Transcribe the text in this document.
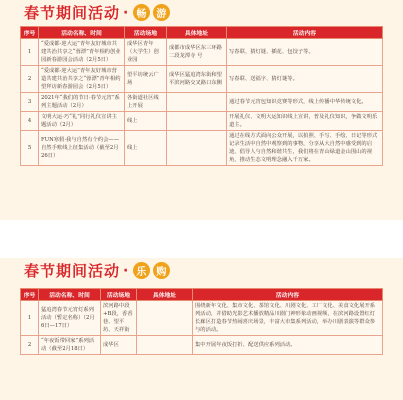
春节期间活动 · 畅 游
序号	活动名称、时间	活动场地	具体地址	活动内容
1	“爱成都·迎大运”青年友好城市共建共治共享之“蓉漂”青年相约创业园新春游园会活动（2月5日）	成华区青年（大学生）创业园	成都市成华区东三环路二段龙潭寺 号	写春联、猜灯谜、插花、包饺子等。
2	“爱成都·迎大运”青年友好城市营造共建共治共享之“蓉漂”青年相约望拜访新春游园会（2月5日）	望平坊统云广场	成华区猛追湾东街和望平滨河路交叉路口东侧	写春联、送福字、猜灯谜等。
3	2021年“我们的节日·春节元宵”系列主题活动（2月）	各街道社区线上开展		通过春节元宵包知识竞赛等形式，线上传播中华传统文化。
4	文明大运·巧“礼”同行礼仪宣讲主题活动（2月）	线上		开展礼仪、文明大运知识线上宣讲，普及礼仪知识，争做文明乐道主。
5	FUN寒假·我与自然有个约会——自然手账线上征集活动（截至2月26日）	线上		通过在线方式面向公众开展，以拍照、手写、手绘、日记等形式记录生活中自然中观察到的事物，分享从大自然中感受到的启迪，倡导人与自然和谐共生，我们将在青山绿道金山围山的视角，推动生态文明理念融入千万家。
春节期间活动 · 乐 购
序号	活动名称、时间	活动场地	具体地址	活动内容
1	猛追湾春节元宵灯系列活动（暂定名称）（2月6日—17日）	滨河路中段+B段，香香巷、望平坊、天祥街		围绕新年文化、集市文化、茶馆文化、川剧文化、工厂文化、美食文化展开系列活动，并借助光影艺术播放精品川剧门神形象动画视频，在滨河路设置红灯长廊区打造春节热闹喜庆场景，丰富大市集系列活动，举办川剧表演等群众参与的活动。
2	“年夜饭带回家”系列活动（截至2月18日）	成华区		集中开展年夜饭打折、配送供应系列活动。
